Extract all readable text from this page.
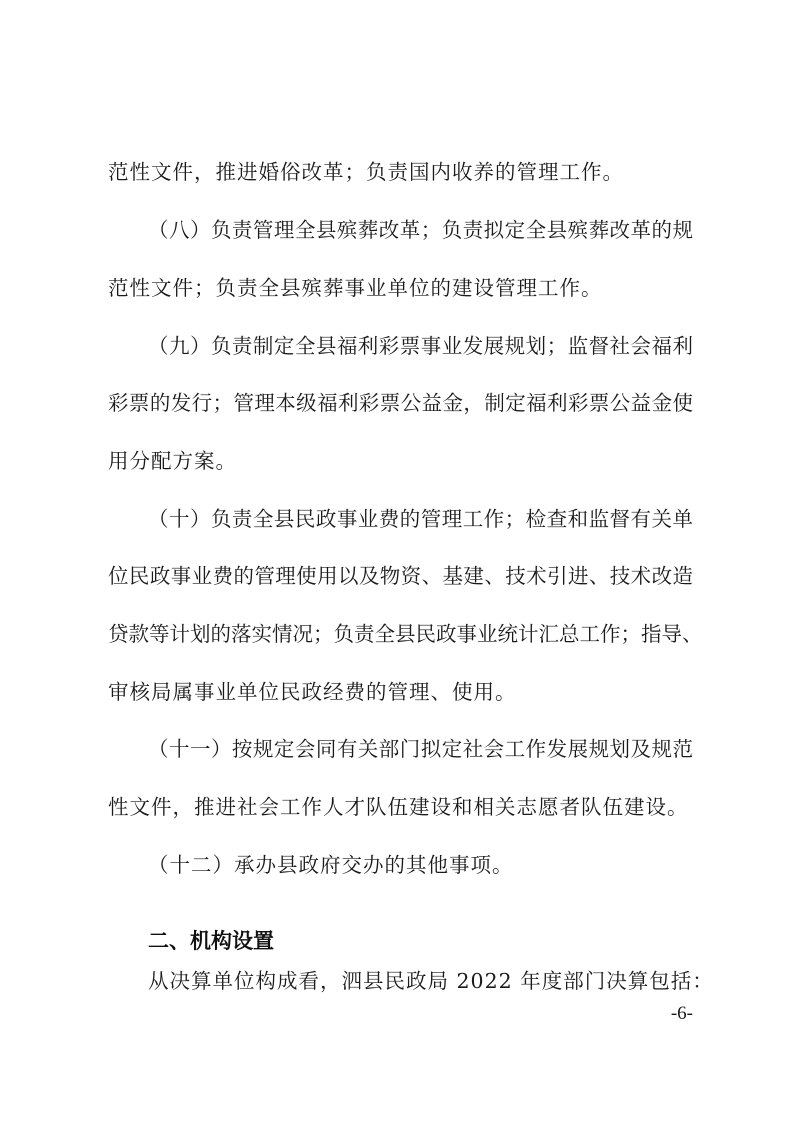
范性文件，推进婚俗改革；负责国内收养的管理工作。
（八）负责管理全县殡葬改革；负责拟定全县殡葬改革的规
范性文件；负责全县殡葬事业单位的建设管理工作。
（九）负责制定全县福利彩票事业发展规划；监督社会福利
彩票的发行；管理本级福利彩票公益金，制定福利彩票公益金使
用分配方案。
（十）负责全县民政事业费的管理工作；检查和监督有关单
位民政事业费的管理使用以及物资、基建、技术引进、技术改造
贷款等计划的落实情况；负责全县民政事业统计汇总工作；指导、
审核局属事业单位民政经费的管理、使用。
（十一）按规定会同有关部门拟定社会工作发展规划及规范
性文件，推进社会工作人才队伍建设和相关志愿者队伍建设。
（十二）承办县政府交办的其他事项。
二、机构设置
从决算单位构成看，泗县民政局 2022 年度部门决算包括：
-6-
